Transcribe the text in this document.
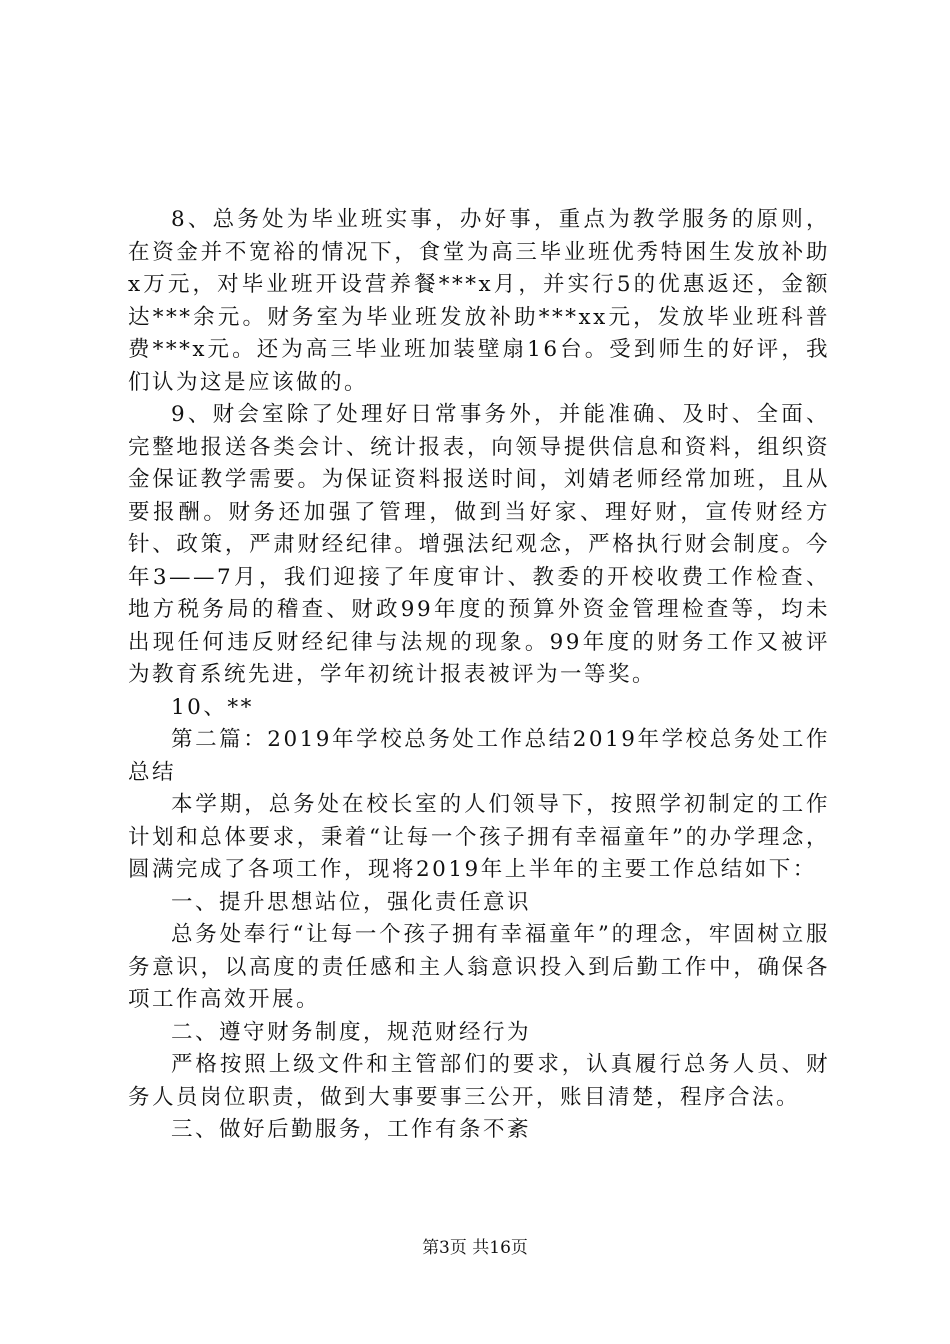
8、总务处为毕业班实事，办好事，重点为教学服务的原则，在资金并不宽裕的情况下，食堂为高三毕业班优秀特困生发放补助x万元，对毕业班开设营养餐***x月，并实行5的优惠返还，金额达***余元。财务室为毕业班发放补助***xx元，发放毕业班科普费***x元。还为高三毕业班加装壁扇16台。受到师生的好评，我们认为这是应该做的。

9、财会室除了处理好日常事务外，并能准确、及时、全面、完整地报送各类会计、统计报表，向领导提供信息和资料，组织资金保证教学需要。为保证资料报送时间，刘婧老师经常加班，且从要报酬。财务还加强了管理，做到当好家、理好财，宣传财经方针、政策，严肃财经纪律。增强法纪观念，严格执行财会制度。今年3——7月，我们迎接了年度审计、教委的开校收费工作检查、地方税务局的稽查、财政99年度的预算外资金管理检查等，均未出现任何违反财经纪律与法规的现象。99年度的财务工作又被评为教育系统先进，学年初统计报表被评为一等奖。

10、**

第二篇：2019年学校总务处工作总结2019年学校总务处工作总结

本学期，总务处在校长室的人们领导下，按照学初制定的工作计划和总体要求，秉着“让每一个孩子拥有幸福童年”的办学理念，圆满完成了各项工作，现将2019年上半年的主要工作总结如下：

一、提升思想站位，强化责任意识

总务处奉行“让每一个孩子拥有幸福童年”的理念，牢固树立服务意识，以高度的责任感和主人翁意识投入到后勤工作中，确保各项工作高效开展。

二、遵守财务制度，规范财经行为

严格按照上级文件和主管部们的要求，认真履行总务人员、财务人员岗位职责，做到大事要事三公开，账目清楚，程序合法。

三、做好后勤服务，工作有条不紊

第3页 共16页
